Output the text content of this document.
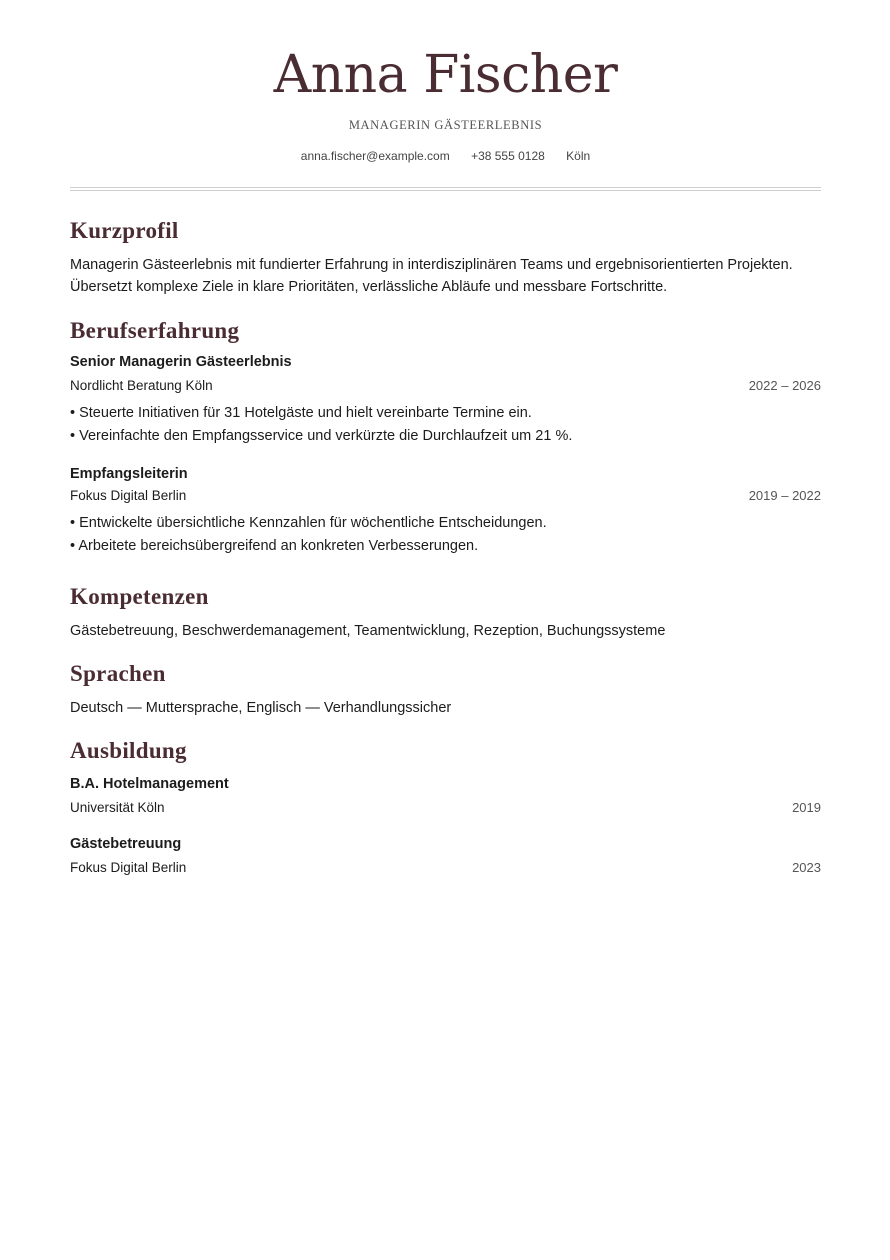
Anna Fischer
MANAGERIN GÄSTEERLEBNIS
anna.fischer@example.com +38 555 0128 Köln
Kurzprofil
Managerin Gästeerlebnis mit fundierter Erfahrung in interdisziplinären Teams und ergebnisorientierten Projekten. Übersetzt komplexe Ziele in klare Prioritäten, verlässliche Abläufe und messbare Fortschritte.
Berufserfahrung
Senior Managerin Gästeerlebnis
Nordlicht Beratung Köln	2022 – 2026
• Steuerte Initiativen für 31 Hotelgäste und hielt vereinbarte Termine ein.
• Vereinfachte den Empfangsservice und verkürzte die Durchlaufzeit um 21 %.
Empfangsleiterin
Fokus Digital Berlin	2019 – 2022
• Entwickelte übersichtliche Kennzahlen für wöchentliche Entscheidungen.
• Arbeitete bereichsübergreifend an konkreten Verbesserungen.
Kompetenzen
Gästebetreuung, Beschwerdemanagement, Teamentwicklung, Rezeption, Buchungssysteme
Sprachen
Deutsch — Muttersprache, Englisch — Verhandlungssicher
Ausbildung
B.A. Hotelmanagement
Universität Köln	2019
Gästebetreuung
Fokus Digital Berlin	2023
